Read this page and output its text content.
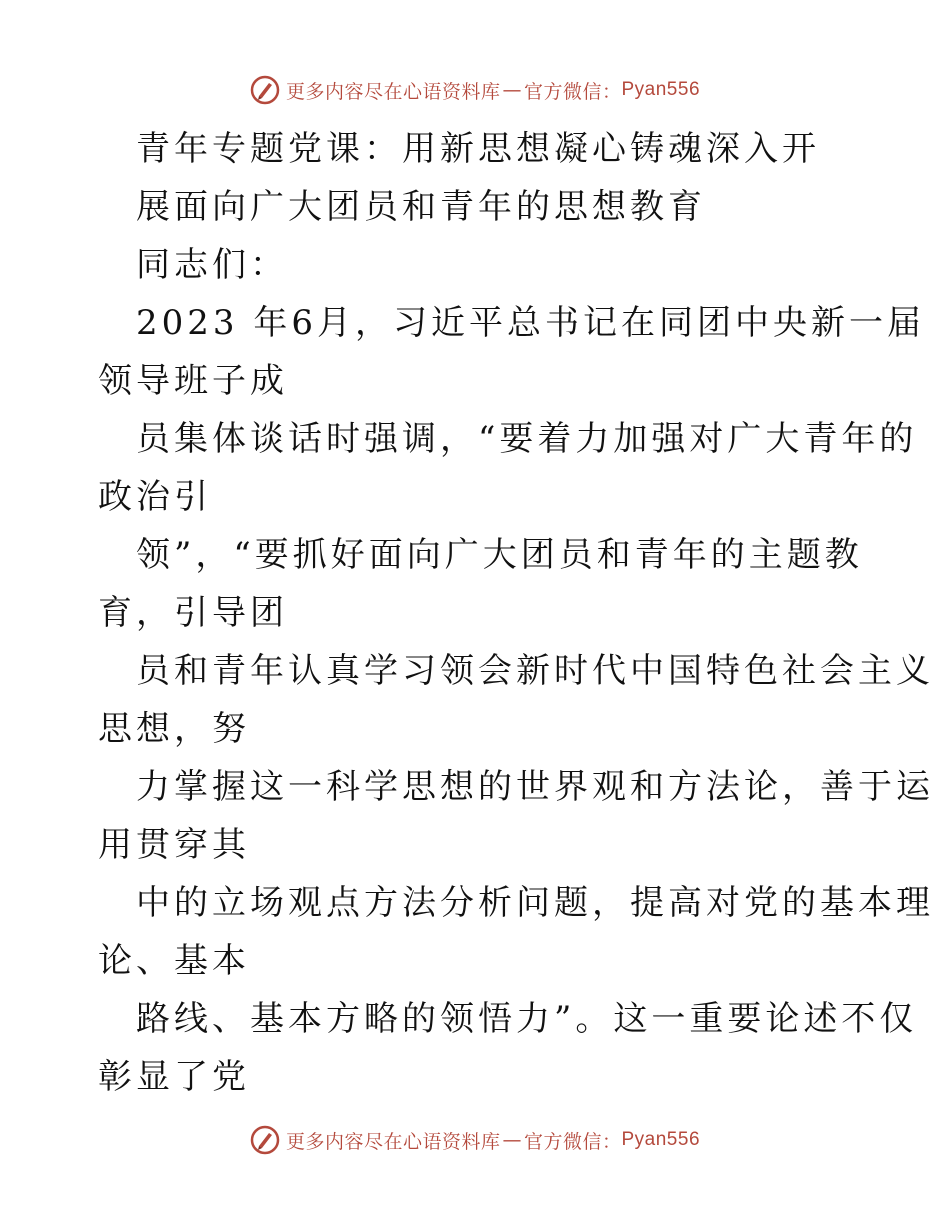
更多内容尽在心语资料库 — 官方微信： Pyan556
青年专题党课：用新思想凝心铸魂深入开
展面向广大团员和青年的思想教育
同志们：
2023 年6月，习近平总书记在同团中央新一届
领导班子成
员集体谈话时强调，“要着力加强对广大青年的
政治引
领”，“要抓好面向广大团员和青年的主题教
育，引导团
员和青年认真学习领会新时代中国特色社会主义
思想，努
力掌握这一科学思想的世界观和方法论，善于运
用贯穿其
中的立场观点方法分析问题，提高对党的基本理
论、基本
路线、基本方略的领悟力”。这一重要论述不仅
彰显了党
更多内容尽在心语资料库 — 官方微信： Pyan556
